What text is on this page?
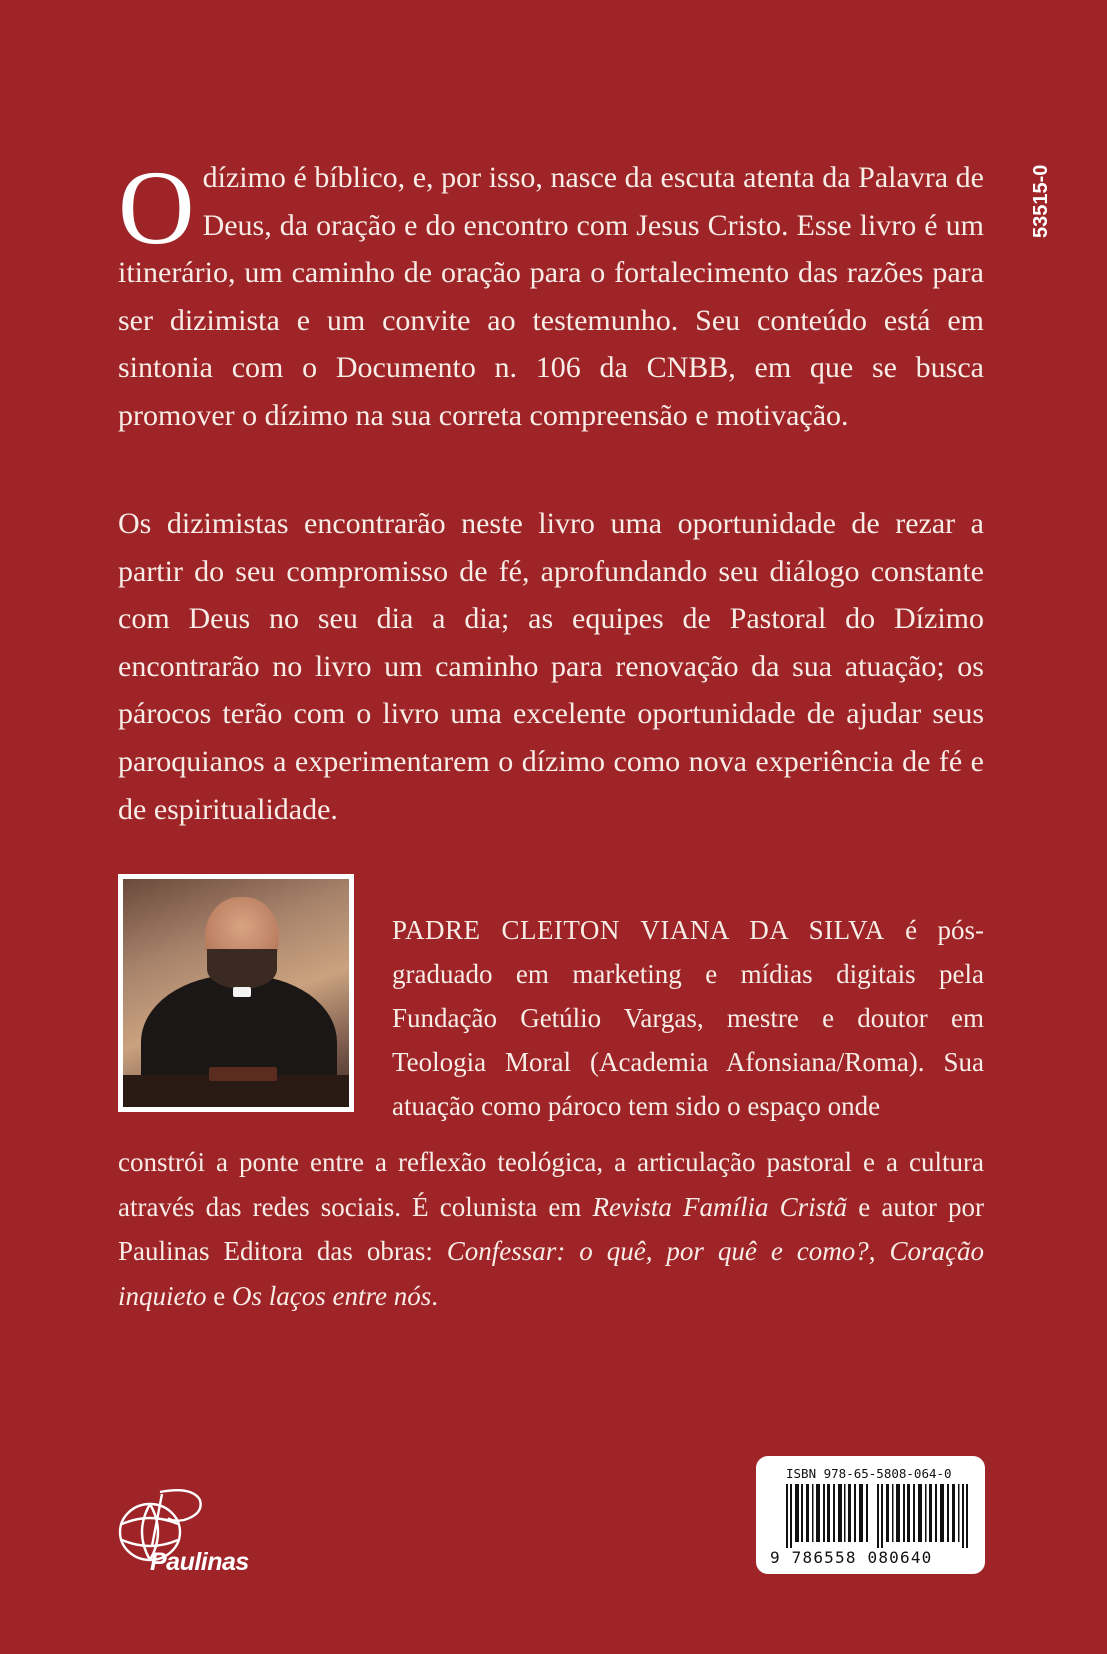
53515-0
O dízimo é bíblico, e, por isso, nasce da escuta atenta da Palavra de Deus, da oração e do encontro com Jesus Cristo. Esse livro é um itinerário, um caminho de oração para o fortalecimento das razões para ser dizimista e um convite ao testemunho. Seu conteúdo está em sintonia com o Documento n. 106 da CNBB, em que se busca promover o dízimo na sua correta compreensão e motivação.
Os dizimistas encontrarão neste livro uma oportunidade de rezar a partir do seu compromisso de fé, aprofundando seu diálogo constante com Deus no seu dia a dia; as equipes de Pastoral do Dízimo encontrarão no livro um caminho para renovação da sua atuação; os párocos terão com o livro uma excelente oportunidade de ajudar seus paroquianos a experimentarem o dízimo como nova experiência de fé e de espiritualidade.
PADRE CLEITON VIANA DA SILVA é pós-graduado em marketing e mídias digitais pela Fundação Getúlio Vargas, mestre e doutor em Teologia Moral (Academia Afonsiana/Roma). Sua atuação como pároco tem sido o espaço onde
constrói a ponte entre a reflexão teológica, a articulação pastoral e a cultura através das redes sociais. É colunista em Revista Família Cristã e autor por Paulinas Editora das obras: Confessar: o quê, por quê e como?, Coração inquieto e Os laços entre nós.
Paulinas
ISBN 978-65-5808-064-0
9 786558 080640
